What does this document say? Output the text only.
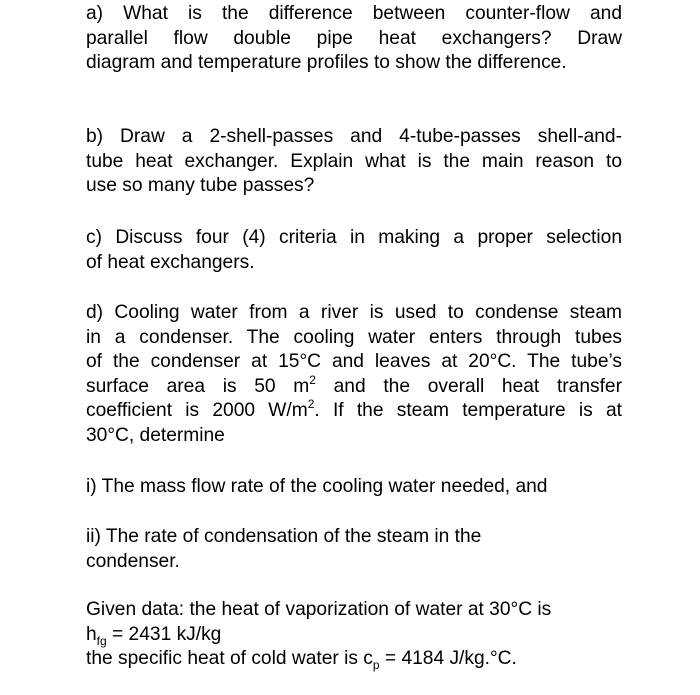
a) What is the difference between counter-flow and
parallel flow double pipe heat exchangers? Draw
diagram and temperature profiles to show the difference.
b) Draw a 2-shell-passes and 4-tube-passes shell-and-
tube heat exchanger. Explain what is the main reason to
use so many tube passes?
c) Discuss four (4) criteria in making a proper selection
of heat exchangers.
d) Cooling water from a river is used to condense steam
in a condenser. The cooling water enters through tubes
of the condenser at 15°C and leaves at 20°C. The tube’s
surface area is 50 $m^2$ and the overall heat transfer
coefficient is 2000 $W/m^2$. If the steam temperature is at
30°C, determine
i) The mass flow rate of the cooling water needed, and
ii) The rate of condensation of the steam in the
condenser.
Given data: the heat of vaporization of water at 30°C is
$h_{fg} = 2431$ kJ/kg
the specific heat of cold water is $c_p = 4184$ J/kg.°C.
